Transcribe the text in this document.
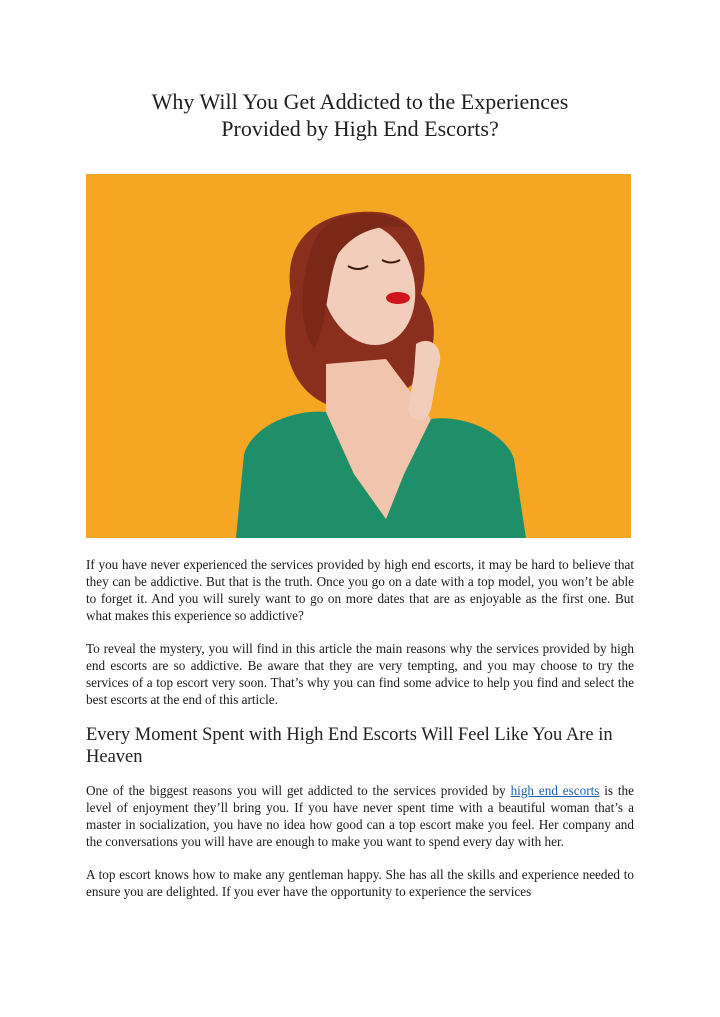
Why Will You Get Addicted to the Experiences
Provided by High End Escorts?

If you have never experienced the services provided by high end escorts, it may be hard to believe that they can be addictive. But that is the truth. Once you go on a date with a top model, you won’t be able to forget it. And you will surely want to go on more dates that are as enjoyable as the first one. But what makes this experience so addictive?

To reveal the mystery, you will find in this article the main reasons why the services provided by high end escorts are so addictive. Be aware that they are very tempting, and you may choose to try the services of a top escort very soon. That’s why you can find some advice to help you find and select the best escorts at the end of this article.

Every Moment Spent with High End Escorts Will Feel Like You Are in Heaven

One of the biggest reasons you will get addicted to the services provided by high end escorts is the level of enjoyment they’ll bring you. If you have never spent time with a beautiful woman that’s a master in socialization, you have no idea how good can a top escort make you feel. Her company and the conversations you will have are enough to make you want to spend every day with her.

A top escort knows how to make any gentleman happy. She has all the skills and experience needed to ensure you are delighted. If you ever have the opportunity to experience the services
